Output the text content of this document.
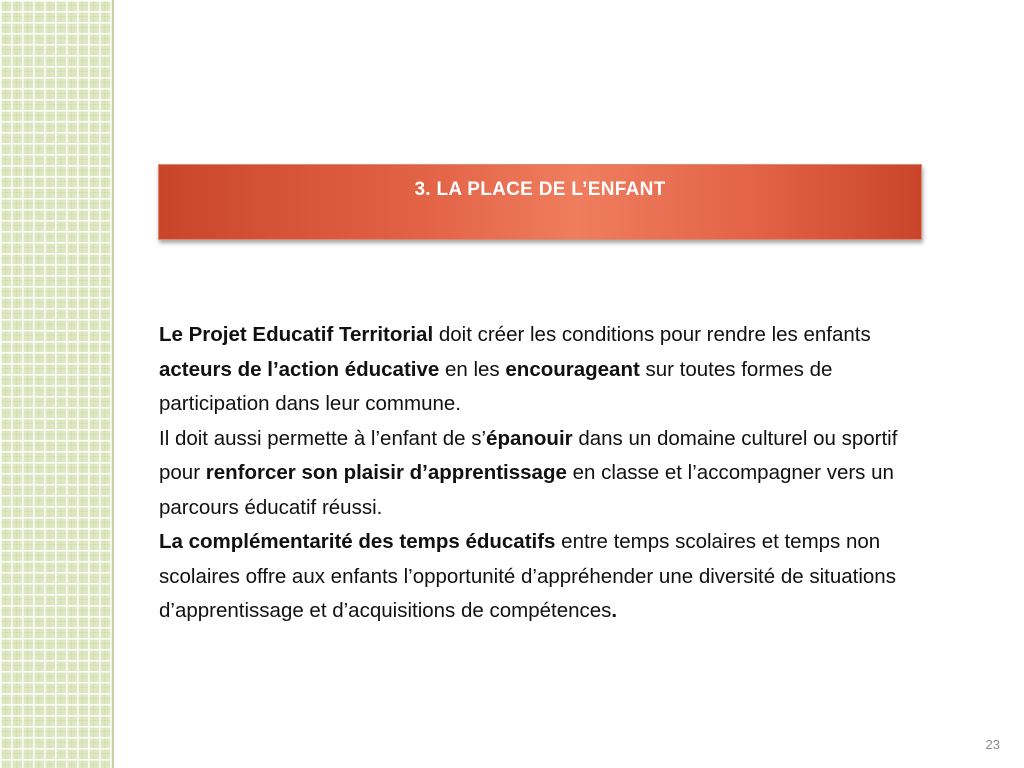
3. LA PLACE DE L’ENFANT

Le Projet Educatif Territorial doit créer les conditions pour rendre les enfants acteurs de l’action éducative en les encourageant sur toutes formes de participation dans leur commune.

Il doit aussi permette à l’enfant de s’épanouir dans un domaine culturel ou sportif pour renforcer son plaisir d’apprentissage en classe et l’accompagner vers un parcours éducatif réussi.

La complémentarité des temps éducatifs entre temps scolaires et temps non scolaires offre aux enfants l’opportunité d’appréhender une diversité de situations d’apprentissage et d’acquisitions de compétences.

23
